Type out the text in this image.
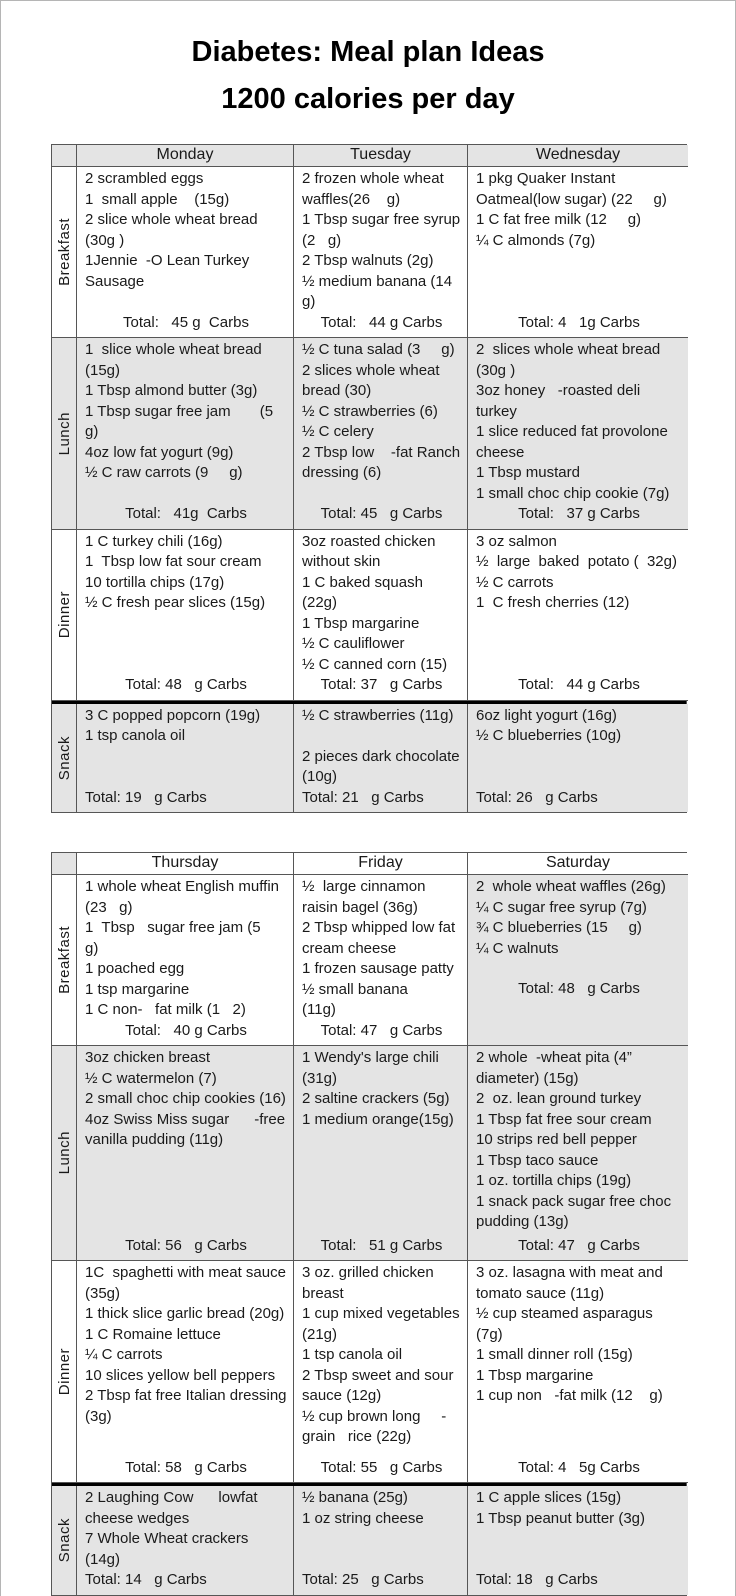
Diabetes: Meal plan Ideas
1200 calories per day
Monday	Tuesday	Wednesday
Breakfast
2 scrambled eggs
1  small apple    (15g)
2 slice whole wheat bread (30g )
1Jennie  -O Lean Turkey Sausage
Total:   45 g  Carbs
2 frozen whole wheat waffles(26    g)
1 Tbsp sugar free syrup (2   g)
2 Tbsp walnuts (2g)
½ medium banana (14 g)
Total:   44 g Carbs
1 pkg Quaker Instant Oatmeal(low sugar) (22     g)
1 C fat free milk (12     g)
¼ C almonds (7g)
Total: 4   1g Carbs
Lunch
1  slice whole wheat bread (15g)
1 Tbsp almond butter (3g)
1 Tbsp sugar free jam       (5 g)
4oz low fat yogurt (9g)
½ C raw carrots (9     g)
Total:   41g  Carbs
½ C tuna salad (3     g)
2 slices whole wheat bread (30)
½ C strawberries (6)
½ C celery
2 Tbsp low    -fat Ranch dressing (6)
Total: 45   g Carbs
2  slices whole wheat bread (30g )
3oz honey   -roasted deli turkey
1 slice reduced fat provolone cheese
1 Tbsp mustard
1 small choc chip cookie (7g)
Total:   37 g Carbs
Dinner
1 C turkey chili (16g)
1  Tbsp low fat sour cream
10 tortilla chips (17g)
½ C fresh pear slices (15g)
Total: 48   g Carbs
3oz roasted chicken without skin
1 C baked squash (22g)
1 Tbsp margarine
½ C cauliflower
½ C canned corn (15)
Total: 37   g Carbs
3 oz salmon
½  large  baked  potato (  32g)
½ C carrots
1  C fresh cherries (12)
Total:   44 g Carbs
Snack
3 C popped popcorn (19g)
1 tsp canola oil
Total: 19   g Carbs
½ C strawberries (11g)

2 pieces dark chocolate (10g)
Total: 21   g Carbs
6oz light yogurt (16g)
½ C blueberries (10g)
Total: 26   g Carbs
Thursday	Friday	Saturday
Breakfast
1 whole wheat English muffin (23   g)
1  Tbsp   sugar free jam (5     g)
1 poached egg
1 tsp margarine
1 C non-   fat milk (1   2)
Total:   40 g Carbs
½  large cinnamon raisin bagel (36g)
2 Tbsp whipped low fat cream cheese
1 frozen sausage patty
½ small banana     (11g)
Total: 47   g Carbs
2  whole wheat waffles (26g)
¼ C sugar free syrup (7g)
¾ C blueberries (15     g)
¼ C walnuts
Total: 48   g Carbs
Lunch
3oz chicken breast
½ C watermelon (7)
2 small choc chip cookies (16)
4oz Swiss Miss sugar      -free vanilla pudding (11g)
Total: 56   g Carbs
1 Wendy's large chili (31g)
2 saltine crackers (5g)
1 medium orange(15g)
Total:   51 g Carbs
2 whole  -wheat pita (4” diameter) (15g)
2  oz. lean ground turkey
1 Tbsp fat free sour cream
10 strips red bell pepper
1 Tbsp taco sauce
1 oz. tortilla chips (19g)
1 snack pack sugar free choc pudding (13g)
Total: 47   g Carbs
Dinner
1C  spaghetti with meat sauce (35g)
1 thick slice garlic bread (20g)
1 C Romaine lettuce
¼ C carrots
10 slices yellow bell peppers
2 Tbsp fat free Italian dressing (3g)
Total: 58   g Carbs
3 oz. grilled chicken breast
1 cup mixed vegetables (21g)
1 tsp canola oil
2 Tbsp sweet and sour sauce (12g)
½ cup brown long     - grain   rice (22g)
Total: 55   g Carbs
3 oz. lasagna with meat and tomato sauce (11g)
½ cup steamed asparagus (7g)
1 small dinner roll (15g)
1 Tbsp margarine
1 cup non   -fat milk (12    g)
Total: 4   5g Carbs
Snack
2 Laughing Cow      lowfat cheese wedges
7 Whole Wheat crackers (14g)
Total: 14   g Carbs
½ banana (25g)
1 oz string cheese
Total: 25   g Carbs
1 C apple slices (15g)
1 Tbsp peanut butter (3g)
Total: 18   g Carbs
